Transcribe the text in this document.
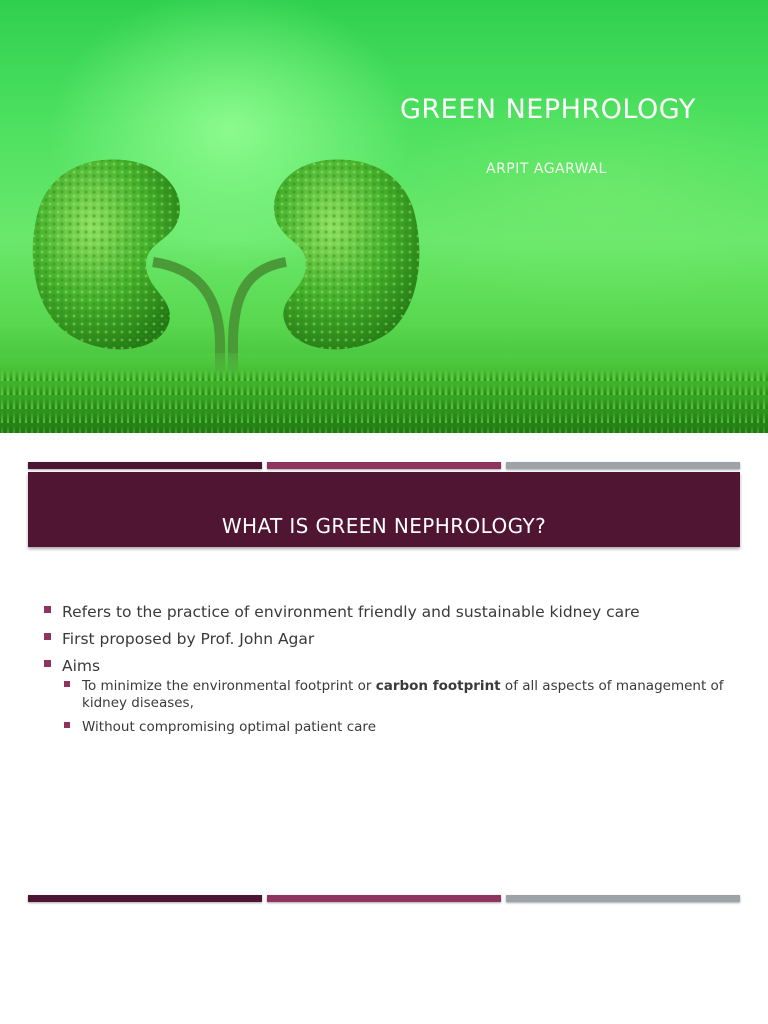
GREEN NEPHROLOGY
ARPIT AGARWAL
WHAT IS GREEN NEPHROLOGY?
Refers to the practice of environment friendly and sustainable kidney care
First proposed by Prof. John Agar
Aims
To minimize the environmental footprint or carbon footprint of all aspects of management of kidney diseases,
Without compromising optimal patient care
